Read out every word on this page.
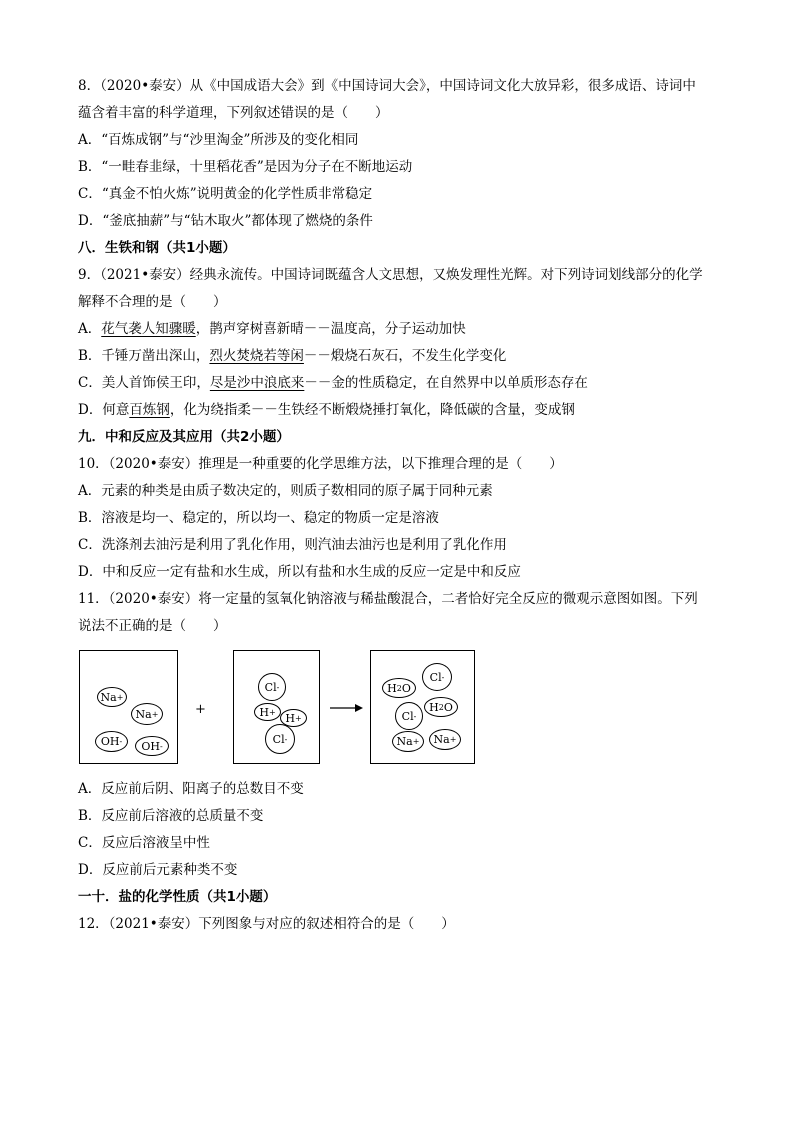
8．（2020•泰安）从《中国成语大会》到《中国诗词大会》，中国诗词文化大放异彩，很多成语、诗词中
蕴含着丰富的科学道理，下列叙述错误的是（　　）
A．“百炼成钢”与“沙里淘金”所涉及的变化相同
B．“一畦春韭绿，十里稻花香”是因为分子在不断地运动
C．“真金不怕火炼”说明黄金的化学性质非常稳定
D．“釜底抽薪”与“钻木取火”都体现了燃烧的条件
八．生铁和钢（共1小题）
9．（2021•泰安）经典永流传。中国诗词既蕴含人文思想，又焕发理性光辉。对下列诗词划线部分的化学
解释不合理的是（　　）
A．花气袭人知骤暖，鹊声穿树喜新晴－－温度高，分子运动加快
B．千锤万凿出深山，烈火焚烧若等闲－－煅烧石灰石，不发生化学变化
C．美人首饰侯王印，尽是沙中浪底来－－金的性质稳定，在自然界中以单质形态存在
D．何意百炼钢，化为绕指柔－－生铁经不断煅烧捶打氧化，降低碳的含量，变成钢
九．中和反应及其应用（共2小题）
10．（2020•泰安）推理是一种重要的化学思维方法，以下推理合理的是（　　）
A．元素的种类是由质子数决定的，则质子数相同的原子属于同种元素
B．溶液是均一、稳定的，所以均一、稳定的物质一定是溶液
C．洗涤剂去油污是利用了乳化作用，则汽油去油污也是利用了乳化作用
D．中和反应一定有盐和水生成，所以有盐和水生成的反应一定是中和反应
11．（2020•泰安）将一定量的氢氧化钠溶液与稀盐酸混合，二者恰好完全反应的微观示意图如图。下列
说法不正确的是（　　）
Na +
Na +
OH - OH -
+
Cl -
H + H +
Cl -
Cl -
H 2 O
H 2 O
Cl -
Na + Na +
A．反应前后阴、阳离子的总数目不变
B．反应前后溶液的总质量不变
C．反应后溶液呈中性
D．反应前后元素种类不变
一十．盐的化学性质（共1小题）
12．（2021•泰安）下列图象与对应的叙述相符合的是（　　）
